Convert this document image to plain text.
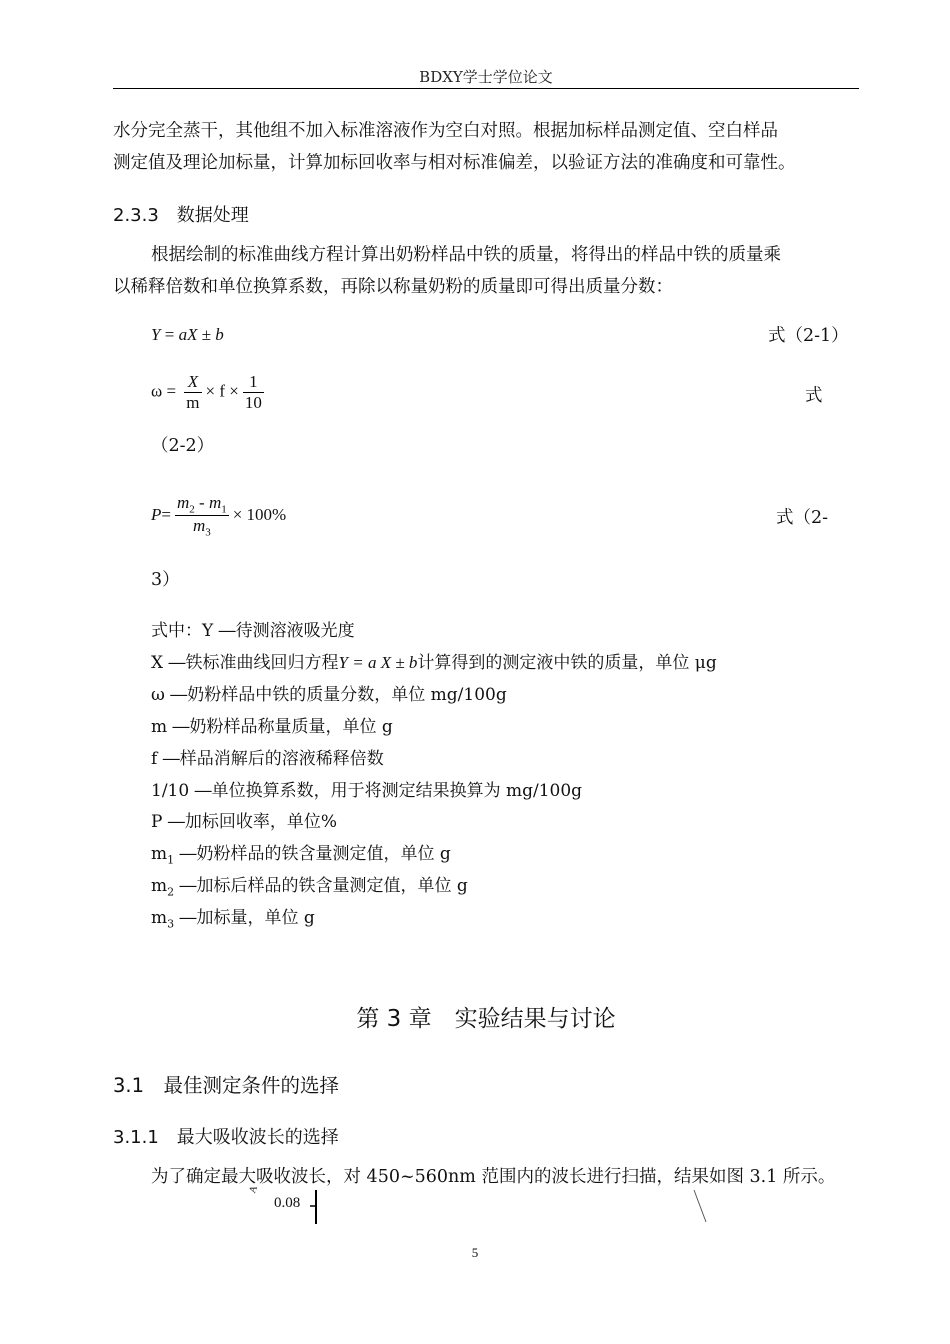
BDXY学士学位论文
水分完全蒸干，其他组不加入标准溶液作为空白对照。根据加标样品测定值、空白样品
测定值及理论加标量，计算加标回收率与相对标准偏差，以验证方法的准确度和可靠性。
2.3.3　数据处理
根据绘制的标准曲线方程计算出奶粉样品中铁的质量，将得出的样品中铁的质量乘
以稀释倍数和单位换算系数，再除以称量奶粉的质量即可得出质量分数：
Y = aX ± b	式（2-1）
$\omega = \frac{X}{m} \times f \times \frac{1}{10}$	式
（2-2）
$P= \frac{m_2 - m_1}{m_3} \times 100\%$	式（2-
3）
式中：Y ―待测溶液吸光度
X ―铁标准曲线回归方程Y = a X ± b计算得到的测定液中铁的质量，单位 μg
ω ―奶粉样品中铁的质量分数，单位 mg/100g
m ―奶粉样品称量质量，单位 g
f ―样品消解后的溶液稀释倍数
1/10 ―单位换算系数，用于将测定结果换算为 mg/100g
P ―加标回收率，单位%
$m_1$ ―奶粉样品的铁含量测定值，单位 g
$m_2$ ―加标后样品的铁含量测定值，单位 g
$m_3$ ―加标量，单位 g
第 3 章　实验结果与讨论
3.1　最佳测定条件的选择
3.1.1　最大吸收波长的选择
为了确定最大吸收波长，对 450~560nm 范围内的波长进行扫描，结果如图 3.1 所示。
A
0.08
5
